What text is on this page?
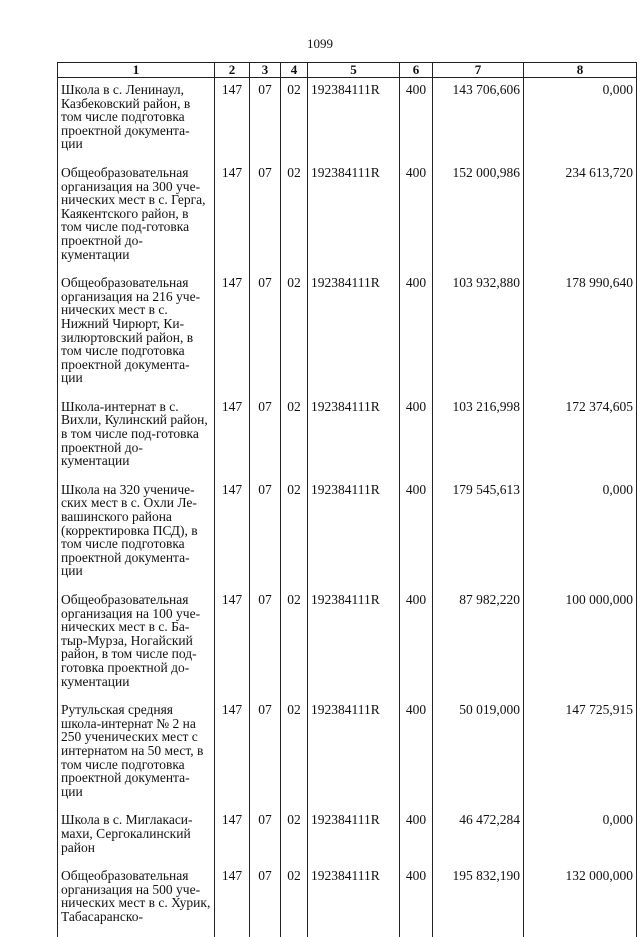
1099
1	2	3	4	5	6	7	8
Школа в с. Ленинаул, Казбековский район, в том числе подготовка проектной документа-ции	147	07	02	192384111R	400	143 706,606	0,000
Общеобразовательная организация на 300 уче-нических мест в с. Герга, Каякентского район, в том числе под-готовка проектной до-кументации	147	07	02	192384111R	400	152 000,986	234 613,720
Общеобразовательная организация на 216 уче-нических мест в с. Нижний Чирюрт, Ки-зилюртовский район, в том числе подготовка проектной документа-ции	147	07	02	192384111R	400	103 932,880	178 990,640
Школа-интернат в с. Вихли, Кулинский район, в том числе под-готовка проектной до-кументации	147	07	02	192384111R	400	103 216,998	172 374,605
Школа на 320 учениче-ских мест в с. Охли Ле-вашинского района (корректировка ПСД), в том числе подготовка проектной документа-ции	147	07	02	192384111R	400	179 545,613	0,000
Общеобразовательная организация на 100 уче-нических мест в с. Ба-тыр-Мурза, Ногайский район, в том числе под-готовка проектной до-кументации	147	07	02	192384111R	400	87 982,220	100 000,000
Рутульская средняя школа-интернат № 2 на 250 ученических мест с интернатом на 50 мест, в том числе подготовка проектной документа-ции	147	07	02	192384111R	400	50 019,000	147 725,915
Школа в с. Миглакаси-махи, Сергокалинский район	147	07	02	192384111R	400	46 472,284	0,000
Общеобразовательная организация на 500 уче-нических мест в с. Хурик, Табасаранско-	147	07	02	192384111R	400	195 832,190	132 000,000
